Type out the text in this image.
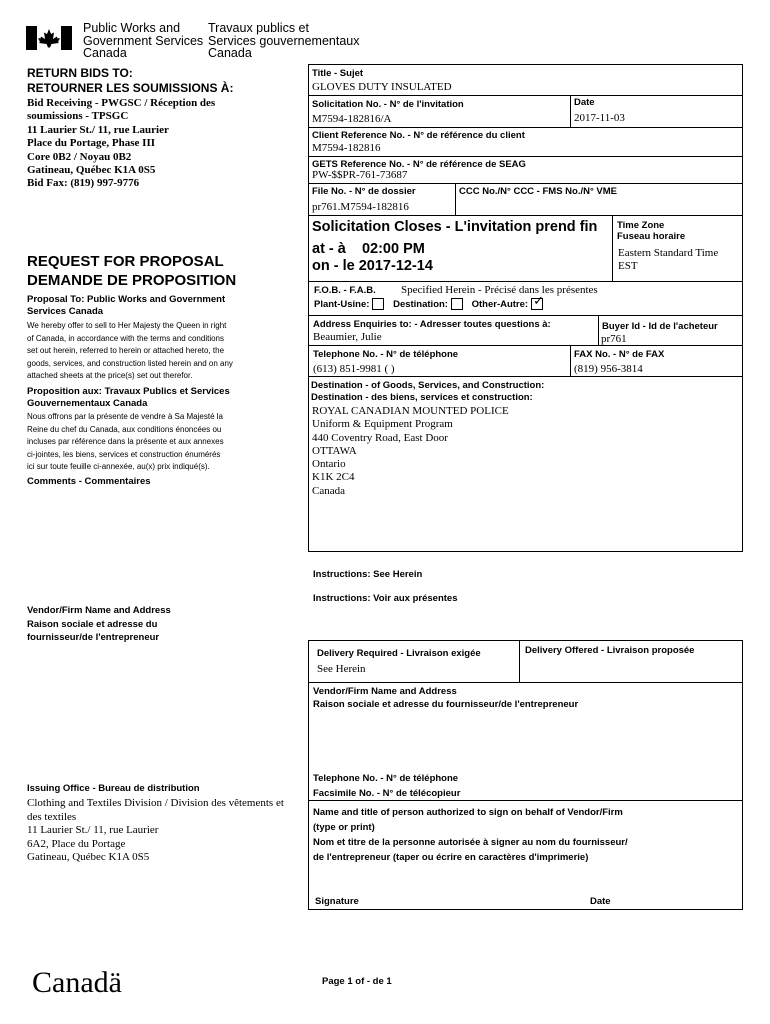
Public Works and
Government Services
Canada
Travaux publics et
Services gouvernementaux
Canada
RETURN BIDS TO:
RETOURNER LES SOUMISSIONS À:
Bid Receiving - PWGSC / Réception des
soumissions - TPSGC
11 Laurier St./ 11, rue Laurier
Place du Portage, Phase III
Core 0B2 / Noyau 0B2
Gatineau, Québec K1A 0S5
Bid Fax: (819) 997-9776
REQUEST FOR PROPOSAL
DEMANDE DE PROPOSITION
Proposal To: Public Works and Government
Services Canada
We hereby offer to sell to Her Majesty the Queen in right
of Canada, in accordance with the terms and conditions
set out herein, referred to herein or attached hereto, the
goods, services, and construction listed herein and on any
attached sheets at the price(s) set out therefor.
Proposition aux: Travaux Publics et Services
Gouvernementaux Canada
Nous offrons par la présente de vendre à Sa Majesté la
Reine du chef du Canada, aux conditions énoncées ou
incluses par référence dans la présente et aux annexes
ci-jointes, les biens, services et construction énumérés
ici sur toute feuille ci-annexée, au(x) prix indiqué(s).
Comments - Commentaires
Vendor/Firm Name and Address
Raison sociale et adresse du
fournisseur/de l'entrepreneur
Issuing Office - Bureau de distribution
Clothing and Textiles Division / Division des vêtements et
des textiles
11 Laurier St./ 11, rue Laurier
6A2, Place du Portage
Gatineau, Québec K1A 0S5
Title - Sujet
GLOVES DUTY INSULATED
Solicitation No. - N° de l'invitation
M7594-182816/A
Date
2017-11-03
Client Reference No. - N° de référence du client
M7594-182816
GETS Reference No. - N° de référence de SEAG
PW-$$PR-761-73687
File No. - N° de dossier
pr761.M7594-182816
CCC No./N° CCC - FMS No./N° VME
Solicitation Closes - L'invitation prend fin
at - à 02:00 PM
on - le 2017-12-14
Time Zone
Fuseau horaire
Eastern Standard Time
EST
F.O.B. - F.A.B. Specified Herein - Précisé dans les présentes
Plant-Usine: Destination: Other-Autre: ✓
Address Enquiries to: - Adresser toutes questions à:
Beaumier, Julie
Buyer Id - Id de l'acheteur
pr761
Telephone No. - N° de téléphone
(613) 851-9981 ( )
FAX No. - N° de FAX
(819) 956-3814
Destination - of Goods, Services, and Construction:
Destination - des biens, services et construction:
ROYAL CANADIAN MOUNTED POLICE
Uniform & Equipment Program
440 Coventry Road, East Door
OTTAWA
Ontario
K1K 2C4
Canada
Instructions: See Herein
Instructions: Voir aux présentes
Delivery Required - Livraison exigée
See Herein
Delivery Offered - Livraison proposée
Vendor/Firm Name and Address
Raison sociale et adresse du fournisseur/de l'entrepreneur
Telephone No. - N° de téléphone
Facsimile No. - N° de télécopieur
Name and title of person authorized to sign on behalf of Vendor/Firm
(type or print)
Nom et titre de la personne autorisée à signer au nom du fournisseur/
de l'entrepreneur (taper ou écrire en caractères d'imprimerie)
Signature	Date
Canadä	Page 1 of - de 1
